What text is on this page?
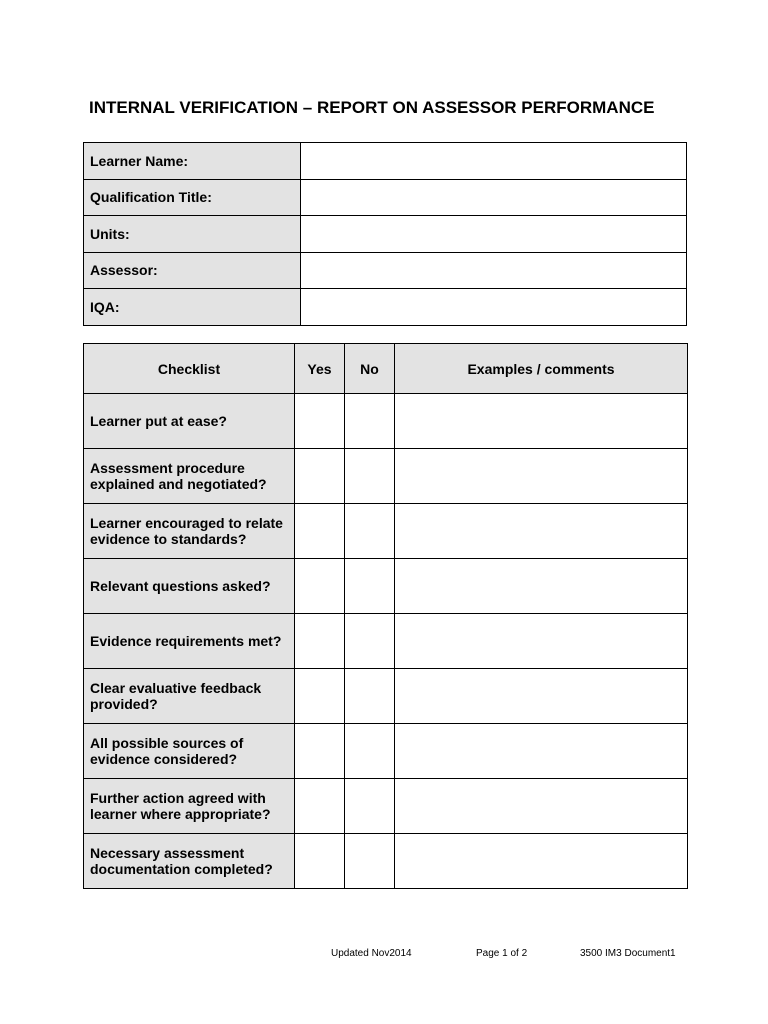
INTERNAL VERIFICATION – REPORT ON ASSESSOR PERFORMANCE
Learner Name:	
Qualification Title:	
Units:	
Assessor:	
IQA:	
Checklist	Yes	No	Examples / comments
Learner put at ease?			
Assessment procedure explained and negotiated?			
Learner encouraged to relate evidence to standards?			
Relevant questions asked?			
Evidence requirements met?			
Clear evaluative feedback provided?			
All possible sources of evidence considered?			
Further action agreed with learner where appropriate?			
Necessary assessment documentation completed?			
Updated Nov2014	Page 1 of 2	3500 IM3 Document1
